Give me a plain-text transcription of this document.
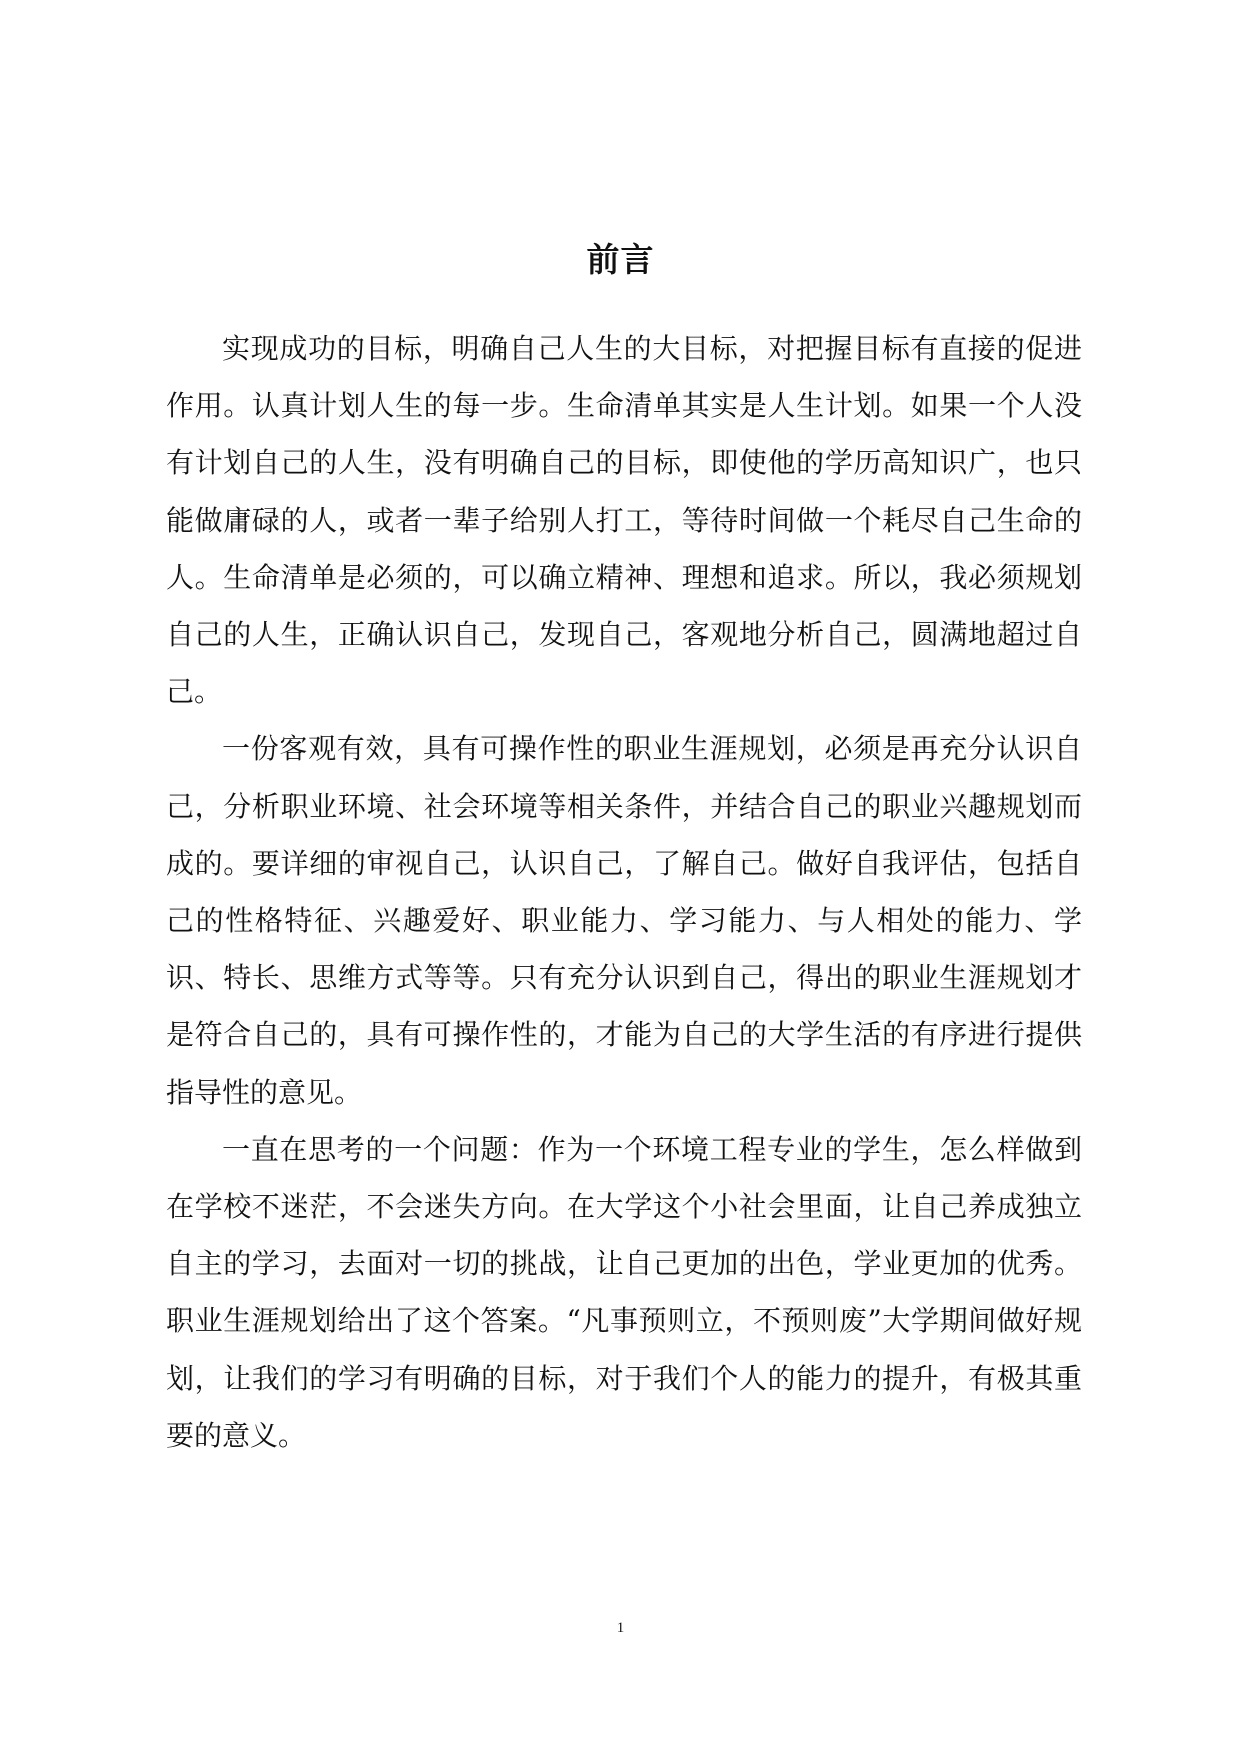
前言

实现成功的目标，明确自己人生的大目标，对把握目标有直接的促进作用。认真计划人生的每一步。生命清单其实是人生计划。如果一个人没有计划自己的人生，没有明确自己的目标，即使他的学历高知识广，也只能做庸碌的人，或者一辈子给别人打工，等待时间做一个耗尽自己生命的人。生命清单是必须的，可以确立精神、理想和追求。所以，我必须规划自己的人生，正确认识自己，发现自己，客观地分析自己，圆满地超过自己。

一份客观有效，具有可操作性的职业生涯规划，必须是再充分认识自己，分析职业环境、社会环境等相关条件，并结合自己的职业兴趣规划而成的。要详细的审视自己，认识自己，了解自己。做好自我评估，包括自己的性格特征、兴趣爱好、职业能力、学习能力、与人相处的能力、学识、特长、思维方式等等。只有充分认识到自己，得出的职业生涯规划才是符合自己的，具有可操作性的，才能为自己的大学生活的有序进行提供指导性的意见。

一直在思考的一个问题：作为一个环境工程专业的学生，怎么样做到在学校不迷茫，不会迷失方向。在大学这个小社会里面，让自己养成独立自主的学习，去面对一切的挑战，让自己更加的出色，学业更加的优秀。职业生涯规划给出了这个答案。“凡事预则立，不预则废”大学期间做好规划，让我们的学习有明确的目标，对于我们个人的能力的提升，有极其重要的意义。

1
